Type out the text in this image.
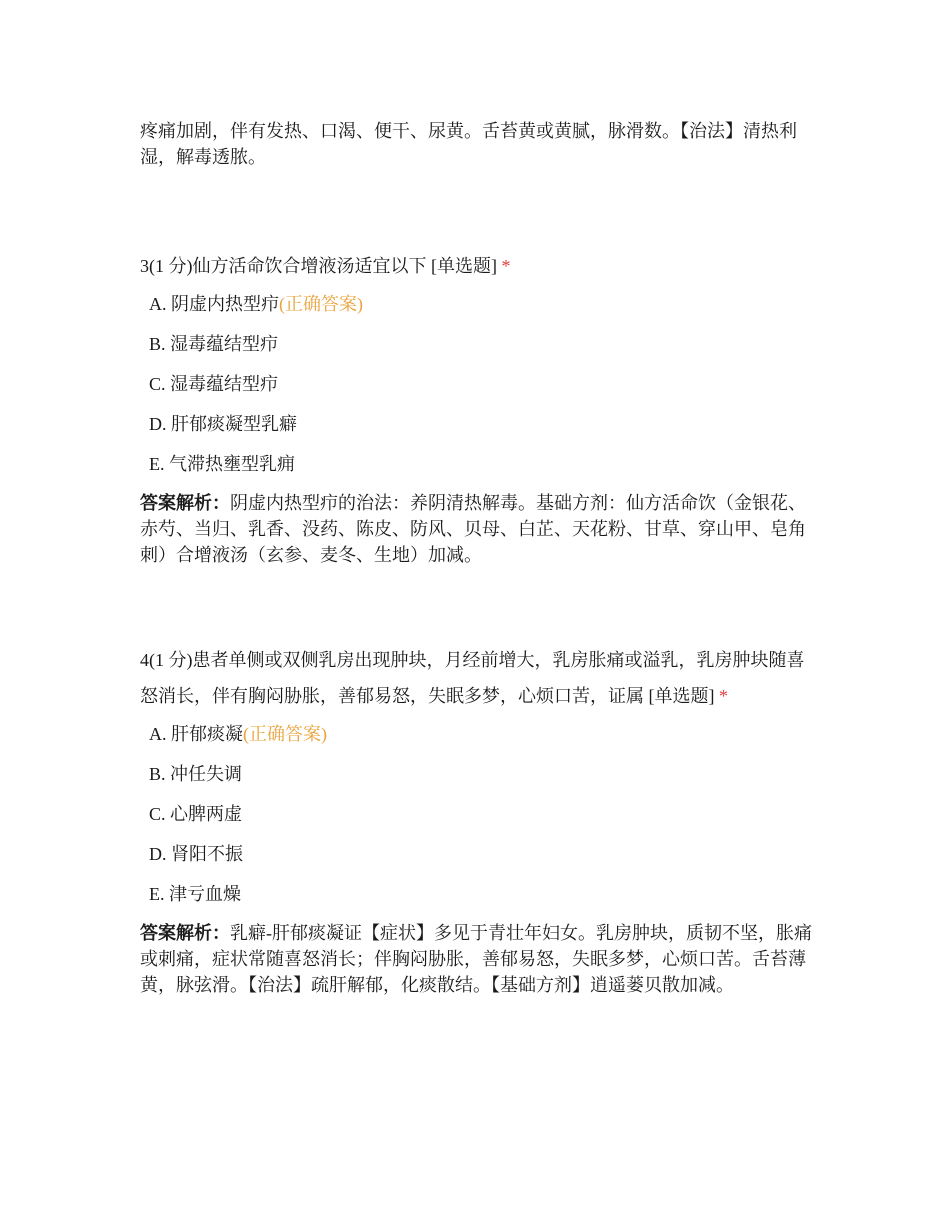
疼痛加剧，伴有发热、口渴、便干、尿黄。舌苔黄或黄腻，脉滑数。【治法】清热利湿，解毒透脓。

3(1 分)仙方活命饮合增液汤适宜以下 [单选题] *

A. 阴虚内热型疖(正确答案)
B. 湿毒蕴结型疖
C. 湿毒蕴结型疖
D. 肝郁痰凝型乳癖
E. 气滞热壅型乳痈

答案解析：阴虚内热型疖的治法：养阴清热解毒。基础方剂：仙方活命饮（金银花、赤芍、当归、乳香、没药、陈皮、防风、贝母、白芷、天花粉、甘草、穿山甲、皂角刺）合增液汤（玄参、麦冬、生地）加减。

4(1 分)患者单侧或双侧乳房出现肿块，月经前增大，乳房胀痛或溢乳，乳房肿块随喜怒消长，伴有胸闷胁胀，善郁易怒，失眠多梦，心烦口苦，证属 [单选题] *

A. 肝郁痰凝(正确答案)
B. 冲任失调
C. 心脾两虚
D. 肾阳不振
E. 津亏血燥

答案解析：乳癖-肝郁痰凝证【症状】多见于青壮年妇女。乳房肿块，质韧不坚，胀痛或刺痛，症状常随喜怒消长；伴胸闷胁胀，善郁易怒，失眠多梦，心烦口苦。舌苔薄黄，脉弦滑。【治法】疏肝解郁，化痰散结。【基础方剂】逍遥蒌贝散加减。
